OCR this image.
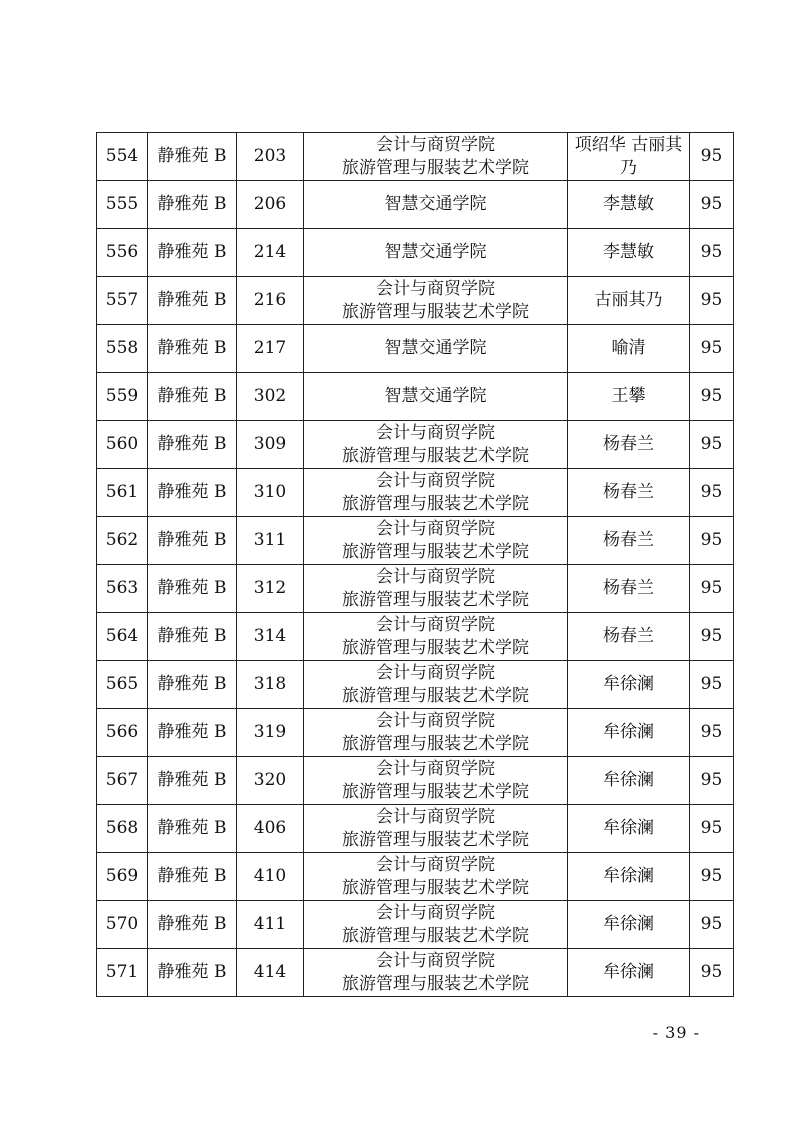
554	静雅苑 B	203	会计与商贸学院
旅游管理与服装艺术学院	项绍华 古丽其
乃	95
555	静雅苑 B	206	智慧交通学院	李慧敏	95
556	静雅苑 B	214	智慧交通学院	李慧敏	95
557	静雅苑 B	216	会计与商贸学院
旅游管理与服装艺术学院	古丽其乃	95
558	静雅苑 B	217	智慧交通学院	喻清	95
559	静雅苑 B	302	智慧交通学院	王攀	95
560	静雅苑 B	309	会计与商贸学院
旅游管理与服装艺术学院	杨春兰	95
561	静雅苑 B	310	会计与商贸学院
旅游管理与服装艺术学院	杨春兰	95
562	静雅苑 B	311	会计与商贸学院
旅游管理与服装艺术学院	杨春兰	95
563	静雅苑 B	312	会计与商贸学院
旅游管理与服装艺术学院	杨春兰	95
564	静雅苑 B	314	会计与商贸学院
旅游管理与服装艺术学院	杨春兰	95
565	静雅苑 B	318	会计与商贸学院
旅游管理与服装艺术学院	牟徐澜	95
566	静雅苑 B	319	会计与商贸学院
旅游管理与服装艺术学院	牟徐澜	95
567	静雅苑 B	320	会计与商贸学院
旅游管理与服装艺术学院	牟徐澜	95
568	静雅苑 B	406	会计与商贸学院
旅游管理与服装艺术学院	牟徐澜	95
569	静雅苑 B	410	会计与商贸学院
旅游管理与服装艺术学院	牟徐澜	95
570	静雅苑 B	411	会计与商贸学院
旅游管理与服装艺术学院	牟徐澜	95
571	静雅苑 B	414	会计与商贸学院
旅游管理与服装艺术学院	牟徐澜	95
- 39 -
